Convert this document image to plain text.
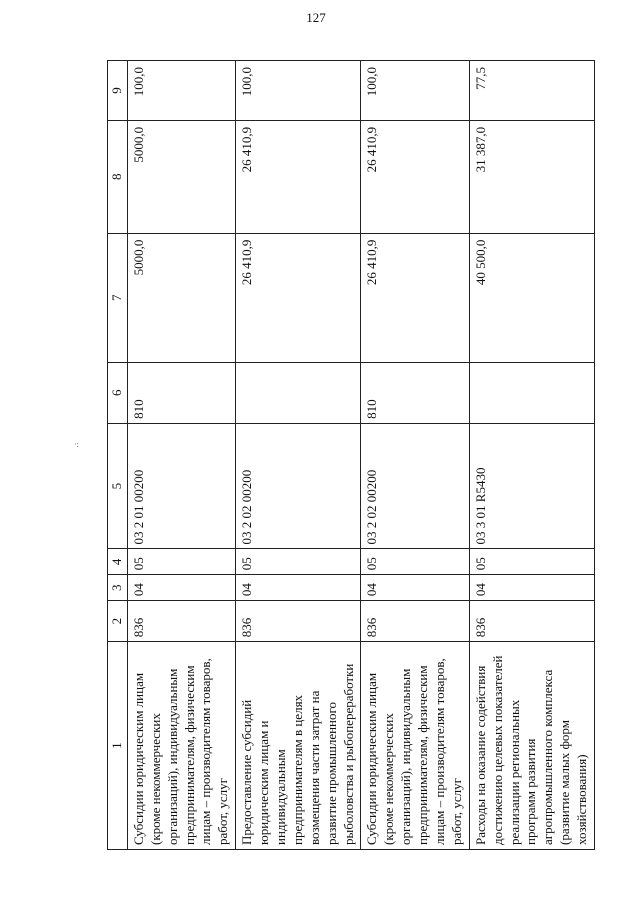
127
·:
1	2	3	4	5	6	7	8	9
Субсидии юридическим лицам (кроме некоммерческих организаций), индивидуальным предпринимателям, физическим лицам – производителям товаров, работ, услуг	836	04	05	03 2 01 00200	810	5000,0	5000,0	100,0
Предоставление субсидий юридическим лицам и индивидуальным предпринимателям в целях возмещения части затрат на развитие промышленного рыболовства и рыбопереработки	836	04	05	03 2 02 00200		26 410,9	26 410,9	100,0
Субсидии юридическим лицам (кроме некоммерческих организаций), индивидуальным предпринимателям, физическим лицам – производителям товаров, работ, услуг	836	04	05	03 2 02 00200	810	26 410,9	26 410,9	100,0
Расходы на оказание содействия достижению целевых показателей реализации региональных программ развития агропромышленного комплекса (развитие малых форм хозяйствования)	836	04	05	03 3 01 R5430		40 500,0	31 387,0	77,5
